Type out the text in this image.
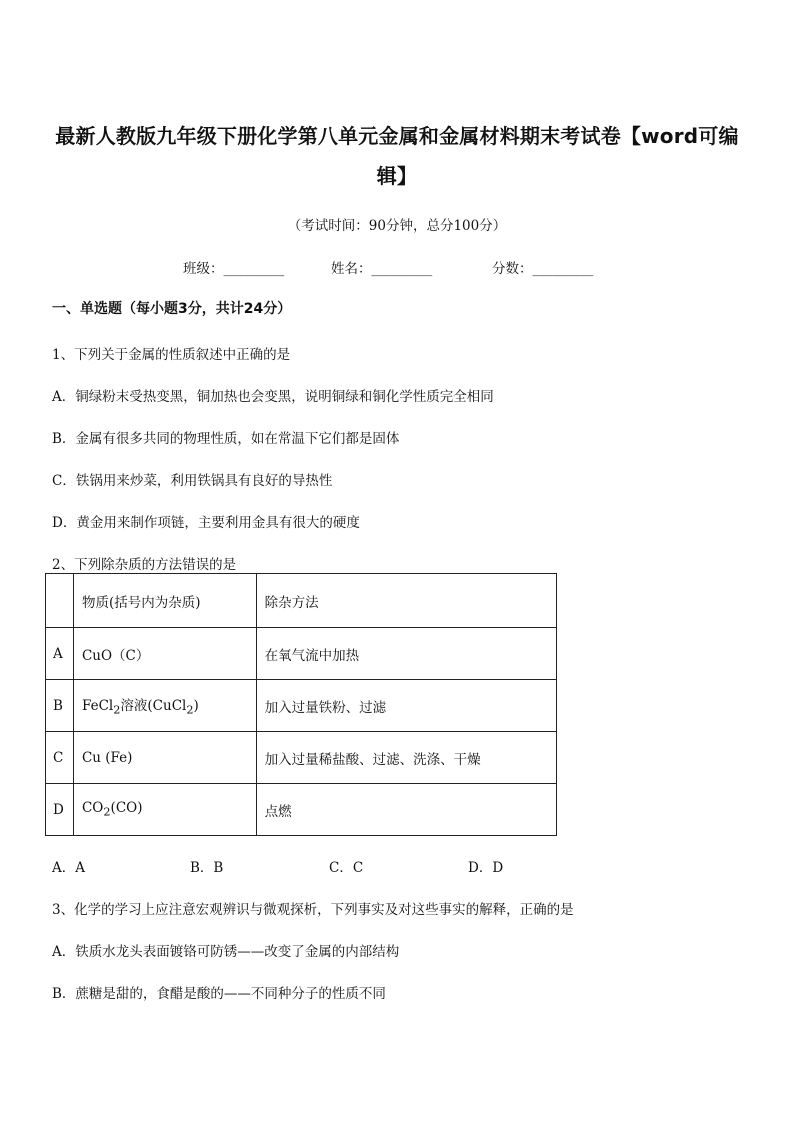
最新人教版九年级下册化学第八单元金属和金属材料期末考试卷【word可编辑】
（考试时间：90分钟，总分100分）
班级：_________	姓名：_________	分数：_________
一、单选题（每小题3分，共计24分）
1、下列关于金属的性质叙述中正确的是
A．铜绿粉末受热变黑，铜加热也会变黑，说明铜绿和铜化学性质完全相同
B．金属有很多共同的物理性质，如在常温下它们都是固体
C．铁锅用来炒菜，利用铁锅具有良好的导热性
D．黄金用来制作项链，主要利用金具有很大的硬度
2、下列除杂质的方法错误的是
	物质(括号内为杂质)	除杂方法
A	CuO（C）	在氧气流中加热
B	FeCl$_2$溶液(CuCl$_2$)	加入过量铁粉、过滤
C	Cu (Fe)	加入过量稀盐酸、过滤、洗涤、干燥
D	$CO_2(CO)$	点燃
A．A	B．B	C．C	D．D
3、化学的学习上应注意宏观辨识与微观探析，下列事实及对这些事实的解释，正确的是
A．铁质水龙头表面镀铬可防锈——改变了金属的内部结构
B．蔗糖是甜的，食醋是酸的——不同种分子的性质不同
